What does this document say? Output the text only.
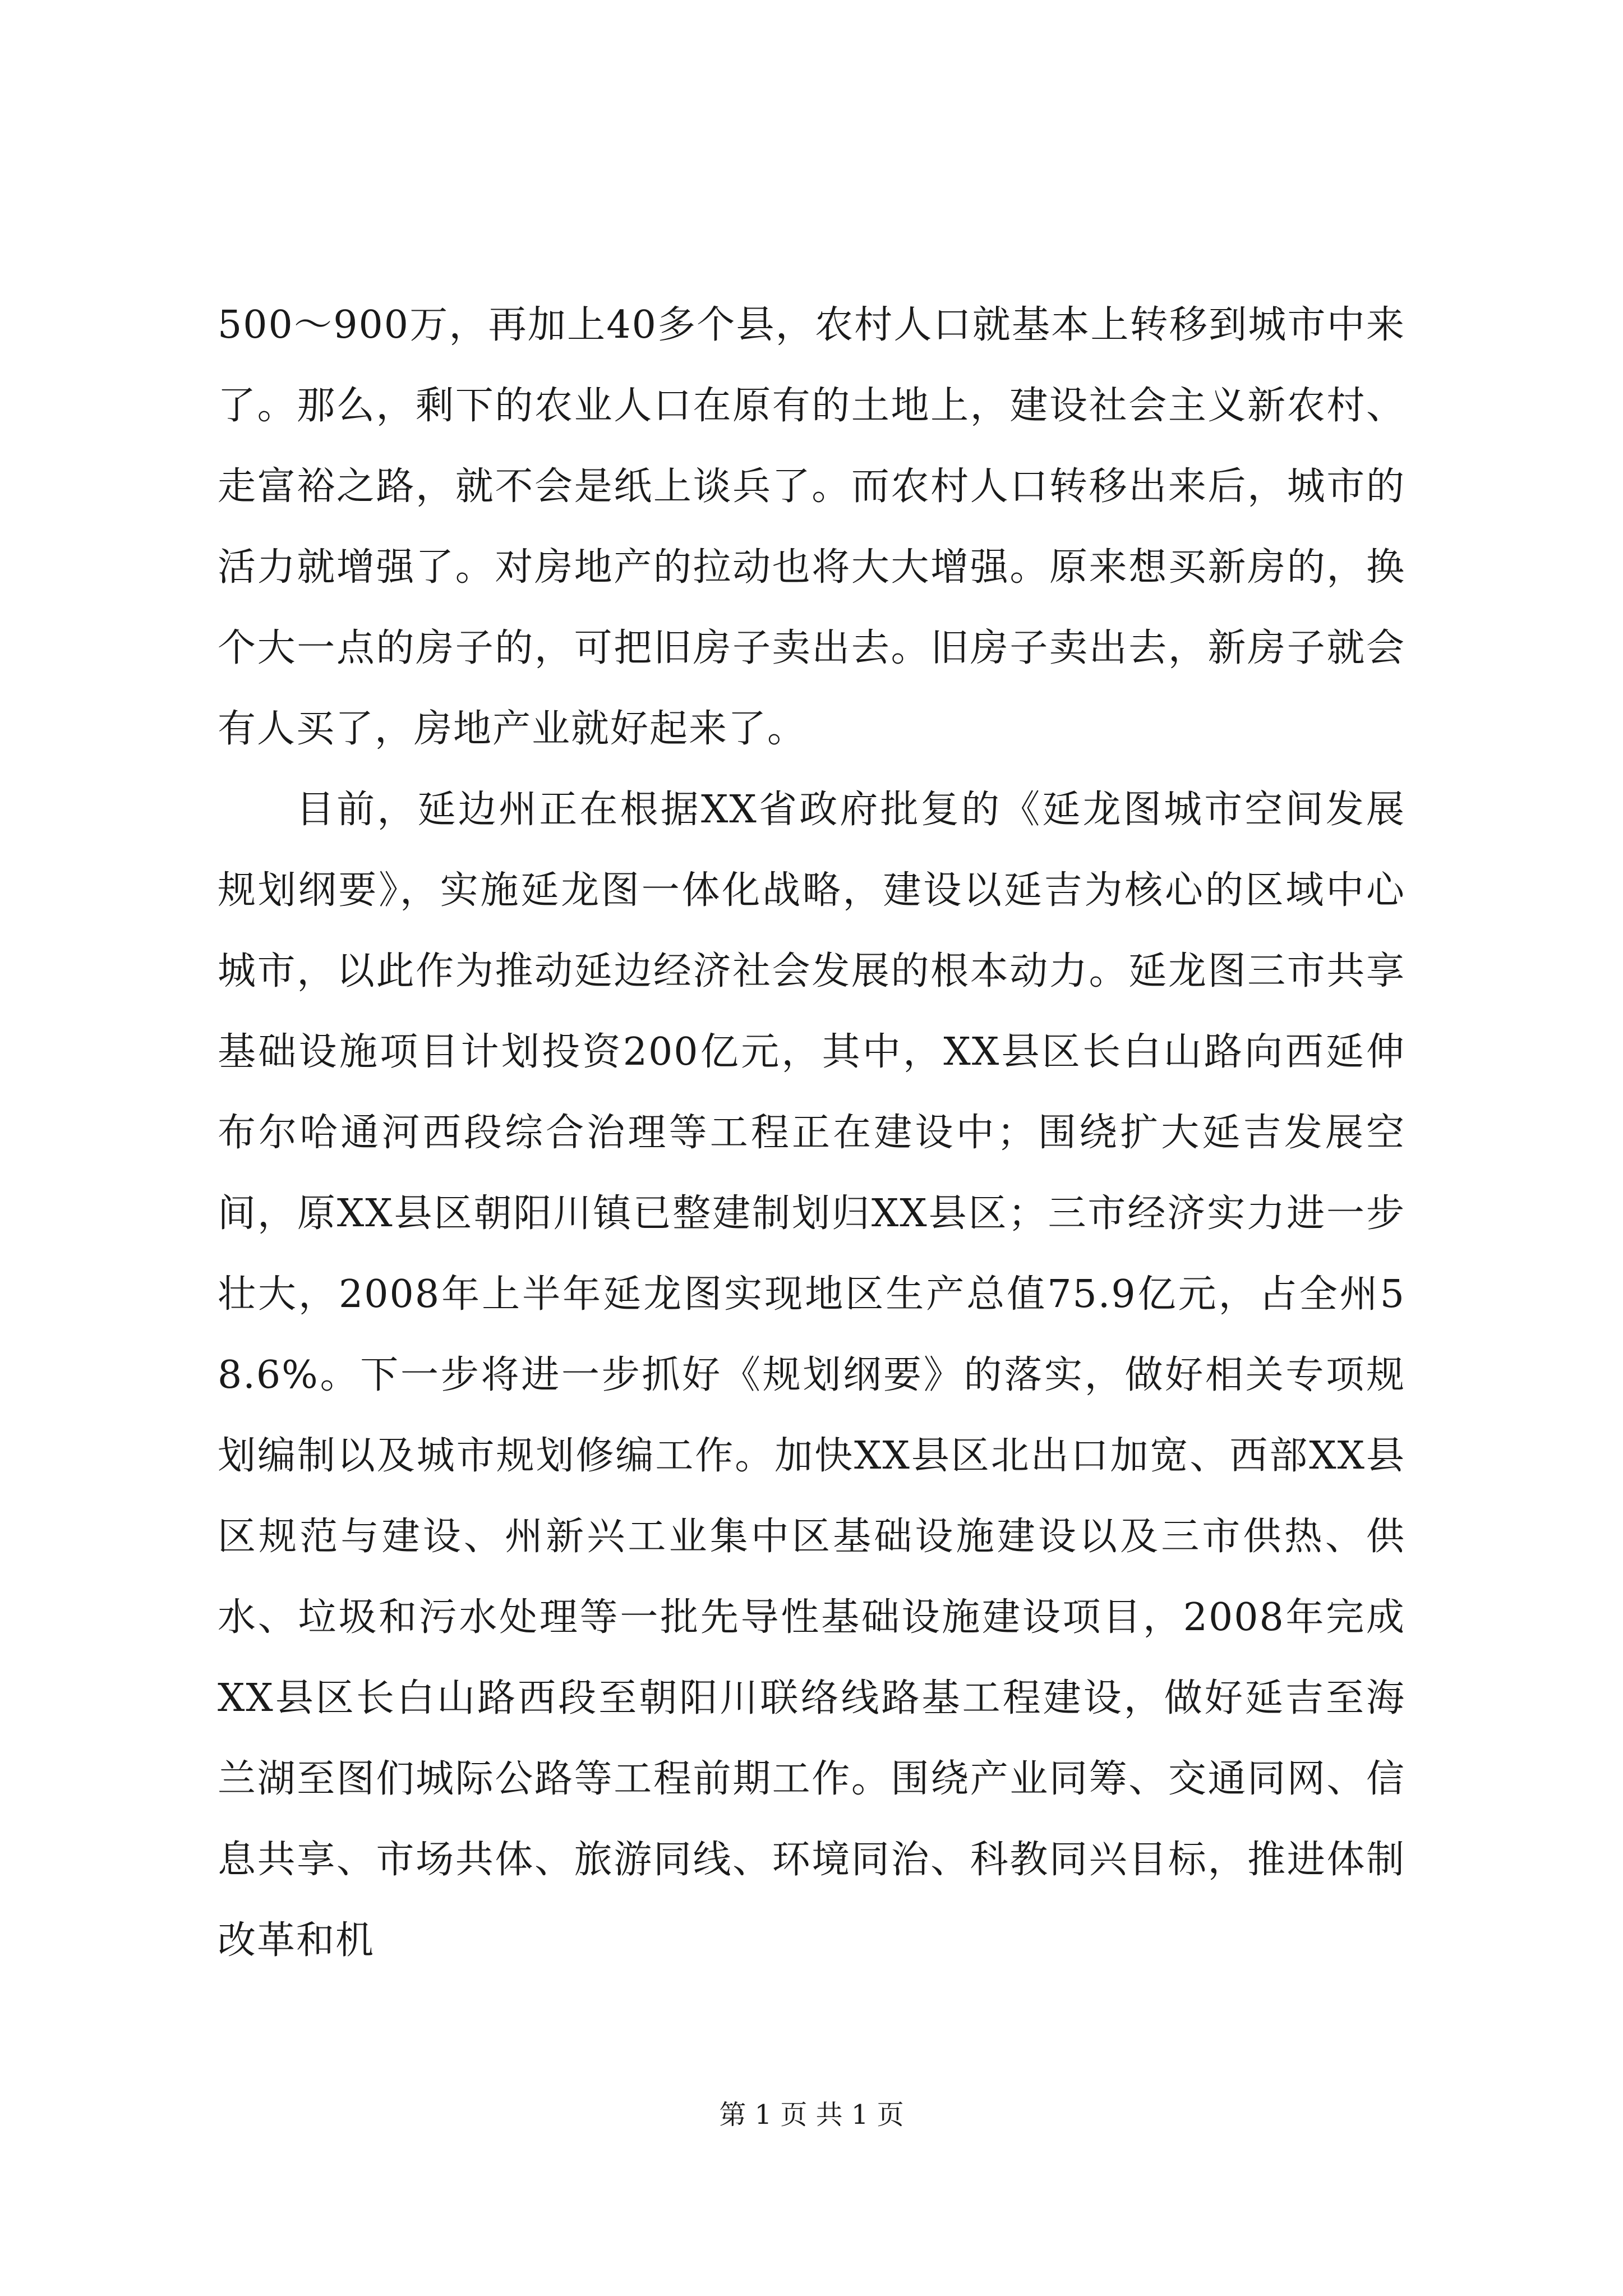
500～900万，再加上40多个县，农村人口就基本上转移到城市中来了。那么，剩下的农业人口在原有的土地上，建设社会主义新农村、走富裕之路，就不会是纸上谈兵了。而农村人口转移出来后，城市的活力就增强了。对房地产的拉动也将大大增强。原来想买新房的，换个大一点的房子的，可把旧房子卖出去。旧房子卖出去，新房子就会有人买了，房地产业就好起来了。

目前，延边州正在根据XX省政府批复的《延龙图城市空间发展规划纲要》，实施延龙图一体化战略，建设以延吉为核心的区域中心城市，以此作为推动延边经济社会发展的根本动力。延龙图三市共享基础设施项目计划投资200亿元，其中，XX县区长白山路向西延伸布尔哈通河西段综合治理等工程正在建设中；围绕扩大延吉发展空间，原XX县区朝阳川镇已整建制划归XX县区；三市经济实力进一步壮大，2008年上半年延龙图实现地区生产总值75.9亿元，占全州58.6%。下一步将进一步抓好《规划纲要》的落实，做好相关专项规划编制以及城市规划修编工作。加快XX县区北出口加宽、西部XX县区规范与建设、州新兴工业集中区基础设施建设以及三市供热、供水、垃圾和污水处理等一批先导性基础设施建设项目，2008年完成XX县区长白山路西段至朝阳川联络线路基工程建设，做好延吉至海兰湖至图们城际公路等工程前期工作。围绕产业同筹、交通同网、信息共享、市场共体、旅游同线、环境同治、科教同兴目标，推进体制改革和机

第 1 页 共 1 页
